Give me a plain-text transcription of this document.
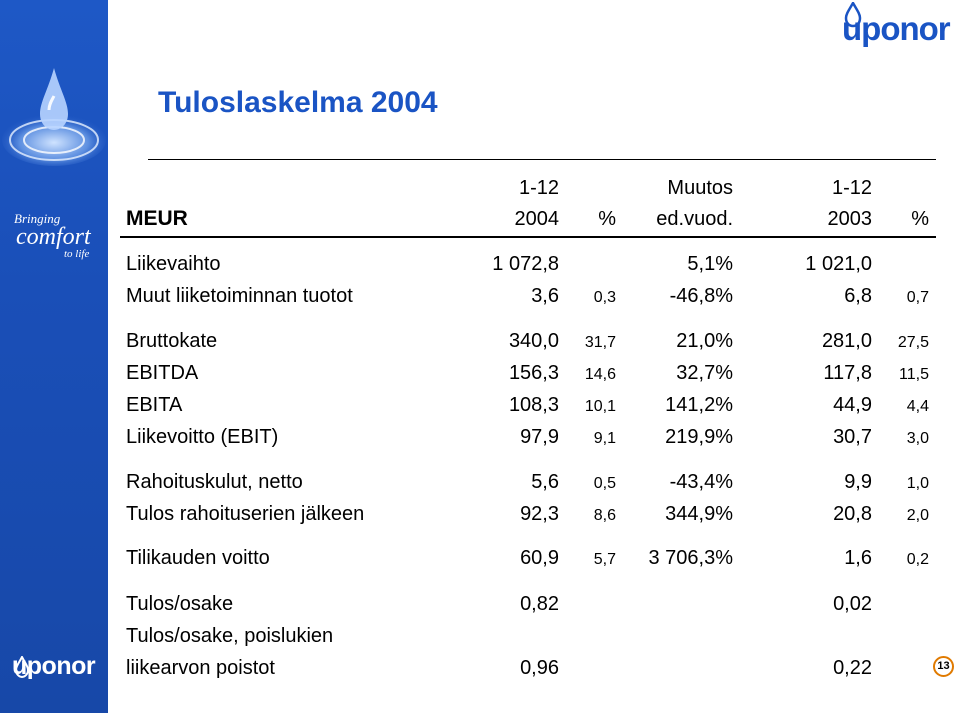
Bringing
comfort
to life
uponor
uponor
Tuloslaskelma 2004
1-12	Muutos	1-12
MEUR	2004 % ed.vuod.	2003 %
Liikevaihto	1 072,8	5,1%	1 021,0
Muut liiketoiminnan tuotot	3,6 0,3	-46,8%	6,8 0,7
Bruttokate	340,0 31,7	21,0%	281,0 27,5
EBITDA	156,3 14,6	32,7%	117,8 11,5
EBITA	108,3 10,1 141,2%	44,9 4,4
Liikevoitto (EBIT)	97,9 9,1 219,9%	30,7 3,0
Rahoituskulut, netto	5,6 0,5	-43,4%	9,9 1,0
Tulos rahoituserien jälkeen	92,3 8,6 344,9%	20,8 2,0
Tilikauden voitto	60,9 5,7 3 706,3%	1,6 0,2
Tulos/osake	0,82	0,02
Tulos/osake, poislukien
liikearvon poistot	0,96	0,22	13
